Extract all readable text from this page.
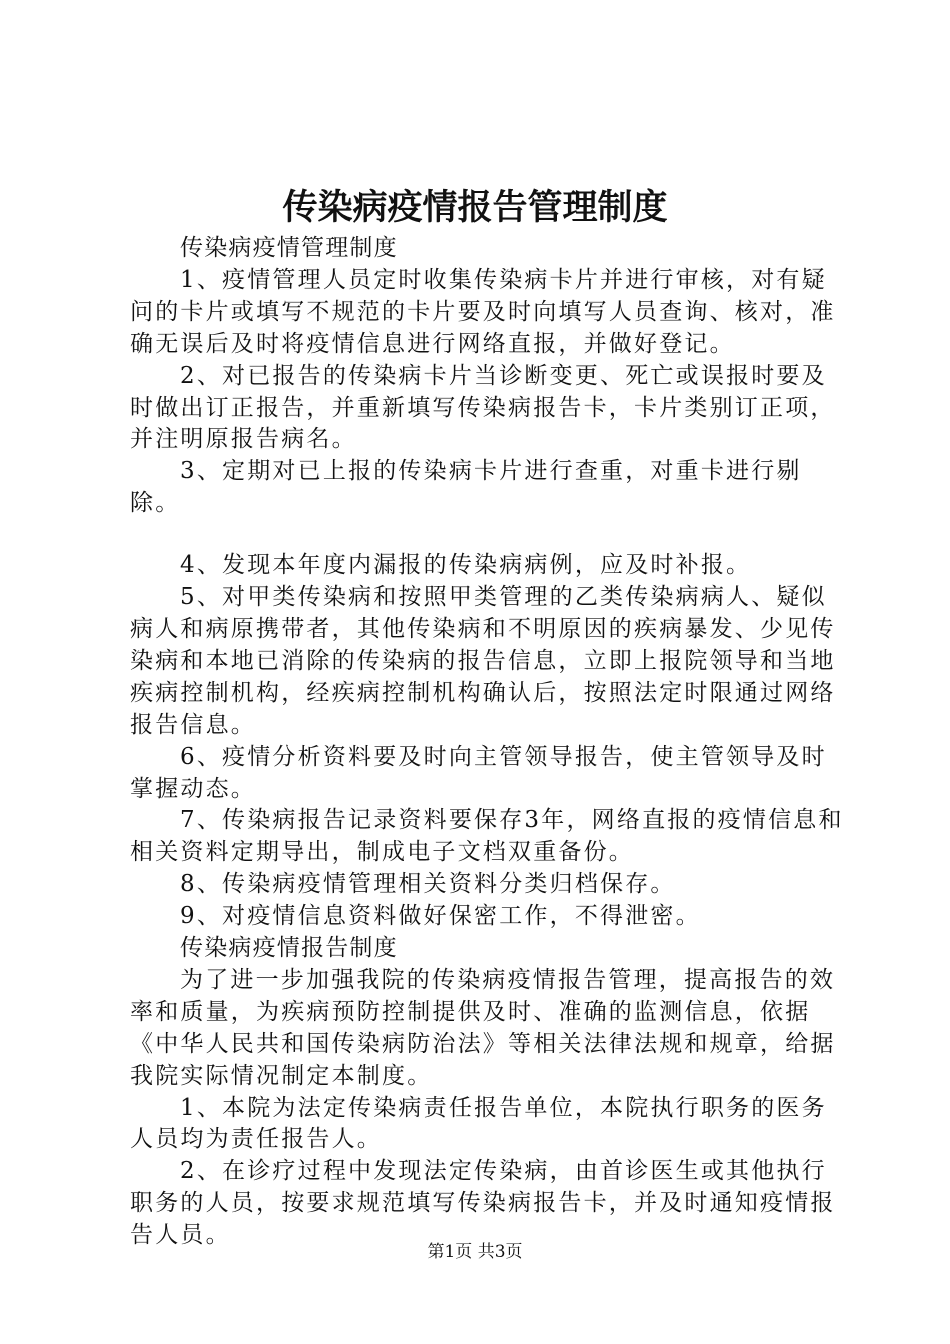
传染病疫情报告管理制度

传染病疫情管理制度

1、疫情管理人员定时收集传染病卡片并进行审核，对有疑问的卡片或填写不规范的卡片要及时向填写人员查询、核对，准确无误后及时将疫情信息进行网络直报，并做好登记。

2、对已报告的传染病卡片当诊断变更、死亡或误报时要及时做出订正报告，并重新填写传染病报告卡，卡片类别订正项，并注明原报告病名。

3、定期对已上报的传染病卡片进行查重，对重卡进行剔除。

4、发现本年度内漏报的传染病病例，应及时补报。

5、对甲类传染病和按照甲类管理的乙类传染病病人、疑似病人和病原携带者，其他传染病和不明原因的疾病暴发、少见传染病和本地已消除的传染病的报告信息，立即上报院领导和当地疾病控制机构，经疾病控制机构确认后，按照法定时限通过网络报告信息。

6、疫情分析资料要及时向主管领导报告，使主管领导及时掌握动态。

7、传染病报告记录资料要保存3年，网络直报的疫情信息和相关资料定期导出，制成电子文档双重备份。

8、传染病疫情管理相关资料分类归档保存。

9、对疫情信息资料做好保密工作，不得泄密。

传染病疫情报告制度

为了进一步加强我院的传染病疫情报告管理，提高报告的效率和质量，为疾病预防控制提供及时、准确的监测信息，依据《中华人民共和国传染病防治法》等相关法律法规和规章，给据我院实际情况制定本制度。

1、本院为法定传染病责任报告单位，本院执行职务的医务人员均为责任报告人。

2、在诊疗过程中发现法定传染病，由首诊医生或其他执行职务的人员，按要求规范填写传染病报告卡，并及时通知疫情报告人员。

第1页 共3页
